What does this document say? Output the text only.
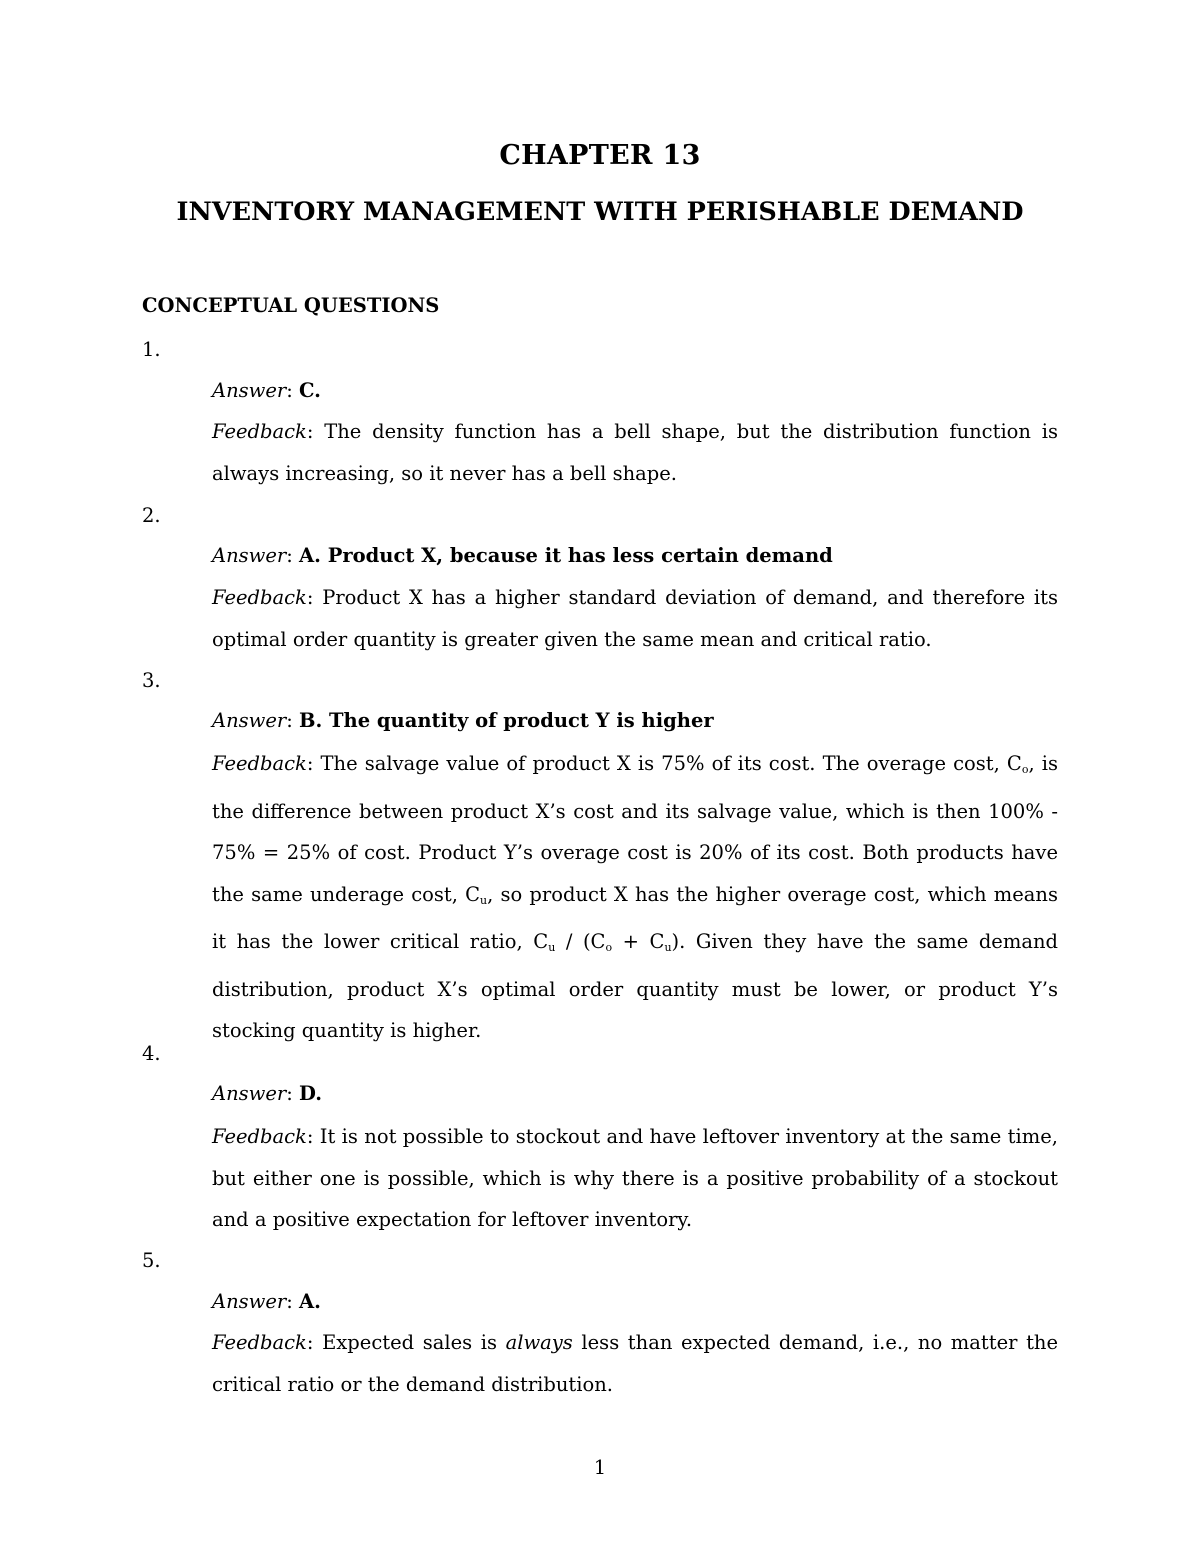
CHAPTER 13
INVENTORY MANAGEMENT WITH PERISHABLE DEMAND
CONCEPTUAL QUESTIONS
1.
Answer: C.
Feedback: The density function has a bell shape, but the distribution function is always increasing, so it never has a bell shape.
2.
Answer: A. Product X, because it has less certain demand
Feedback: Product X has a higher standard deviation of demand, and therefore its optimal order quantity is greater given the same mean and critical ratio.
3.
Answer: B. The quantity of product Y is higher
Feedback: The salvage value of product X is 75% of its cost. The overage cost, $C_o$, is the difference between product X’s cost and its salvage value, which is then 100% - 75% = 25% of cost. Product Y’s overage cost is 20% of its cost. Both products have the same underage cost, $C_u$, so product X has the higher overage cost, which means it has the lower critical ratio, $C_u / (C_o + C_u)$. Given they have the same demand distribution, product X’s optimal order quantity must be lower, or product Y’s stocking quantity is higher.
4.
Answer: D.
Feedback: It is not possible to stockout and have leftover inventory at the same time, but either one is possible, which is why there is a positive probability of a stockout and a positive expectation for leftover inventory.
5.
Answer: A.
Feedback: Expected sales is always less than expected demand, i.e., no matter the critical ratio or the demand distribution.
1
